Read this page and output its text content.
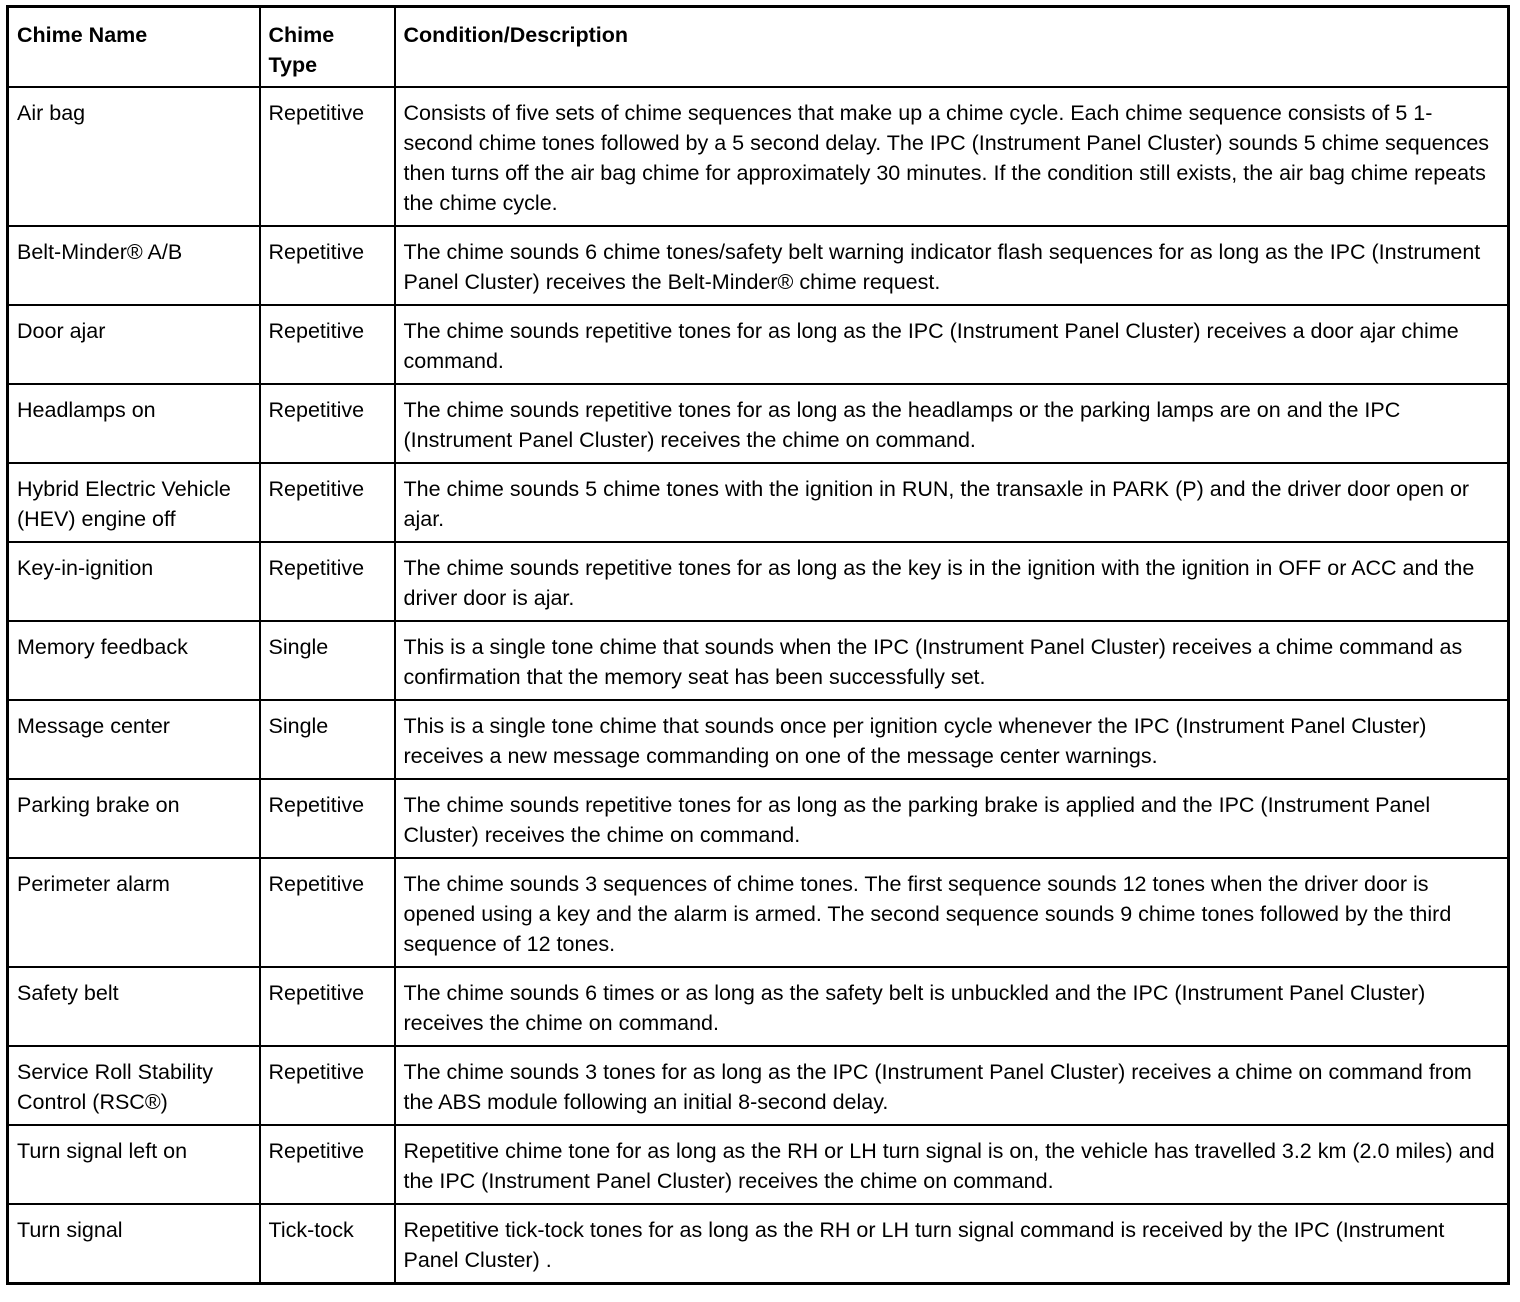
Chime Name	Chime Type	Condition/Description
Air bag	Repetitive	Consists of five sets of chime sequences that make up a chime cycle. Each chime sequence consists of 5 1-second chime tones followed by a 5 second delay. The IPC (Instrument Panel Cluster) sounds 5 chime sequences then turns off the air bag chime for approximately 30 minutes. If the condition still exists, the air bag chime repeats the chime cycle.
Belt-Minder® A/B	Repetitive	The chime sounds 6 chime tones/safety belt warning indicator flash sequences for as long as the IPC (Instrument Panel Cluster) receives the Belt-Minder® chime request.
Door ajar	Repetitive	The chime sounds repetitive tones for as long as the IPC (Instrument Panel Cluster) receives a door ajar chime command.
Headlamps on	Repetitive	The chime sounds repetitive tones for as long as the headlamps or the parking lamps are on and the IPC (Instrument Panel Cluster) receives the chime on command.
Hybrid Electric Vehicle (HEV) engine off	Repetitive	The chime sounds 5 chime tones with the ignition in RUN, the transaxle in PARK (P) and the driver door open or ajar.
Key-in-ignition	Repetitive	The chime sounds repetitive tones for as long as the key is in the ignition with the ignition in OFF or ACC and the driver door is ajar.
Memory feedback	Single	This is a single tone chime that sounds when the IPC (Instrument Panel Cluster) receives a chime command as confirmation that the memory seat has been successfully set.
Message center	Single	This is a single tone chime that sounds once per ignition cycle whenever the IPC (Instrument Panel Cluster) receives a new message commanding on one of the message center warnings.
Parking brake on	Repetitive	The chime sounds repetitive tones for as long as the parking brake is applied and the IPC (Instrument Panel Cluster) receives the chime on command.
Perimeter alarm	Repetitive	The chime sounds 3 sequences of chime tones. The first sequence sounds 12 tones when the driver door is opened using a key and the alarm is armed. The second sequence sounds 9 chime tones followed by the third sequence of 12 tones.
Safety belt	Repetitive	The chime sounds 6 times or as long as the safety belt is unbuckled and the IPC (Instrument Panel Cluster) receives the chime on command.
Service Roll Stability Control (RSC®)	Repetitive	The chime sounds 3 tones for as long as the IPC (Instrument Panel Cluster) receives a chime on command from the ABS module following an initial 8-second delay.
Turn signal left on	Repetitive	Repetitive chime tone for as long as the RH or LH turn signal is on, the vehicle has travelled 3.2 km (2.0 miles) and the IPC (Instrument Panel Cluster) receives the chime on command.
Turn signal	Tick-tock	Repetitive tick-tock tones for as long as the RH or LH turn signal command is received by the IPC (Instrument Panel Cluster) .
